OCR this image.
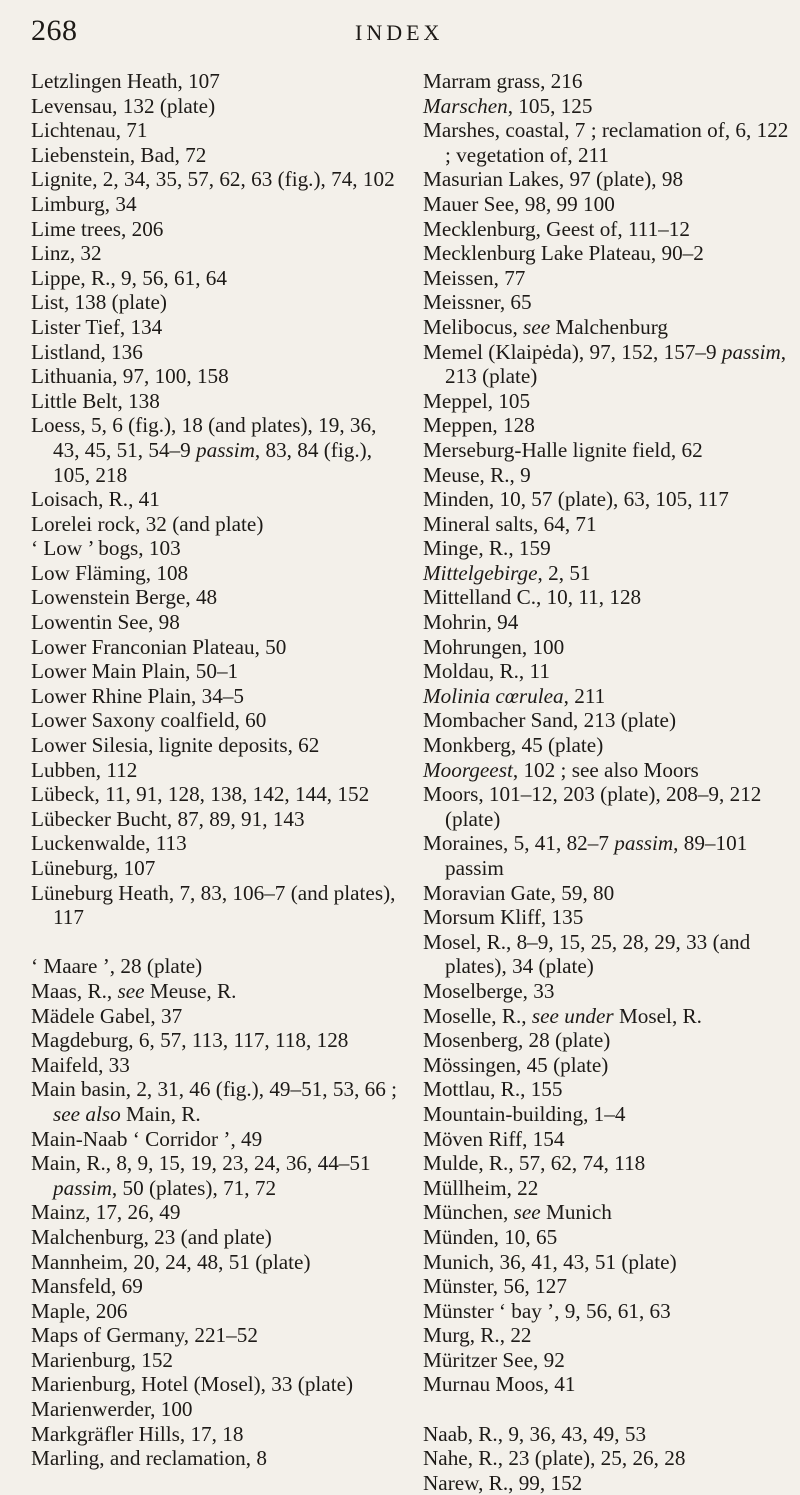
268	INDEX
Letzlingen Heath, 107
Levensau, 132 (plate)
Lichtenau, 71
Liebenstein, Bad, 72
Lignite, 2, 34, 35, 57, 62, 63 (fig.), 74, 102
Limburg, 34
Lime trees, 206
Linz, 32
Lippe, R., 9, 56, 61, 64
List, 138 (plate)
Lister Tief, 134
Listland, 136
Lithuania, 97, 100, 158
Little Belt, 138
Loess, 5, 6 (fig.), 18 (and plates), 19, 36, 43, 45, 51, 54–9 passim, 83, 84 (fig.), 105, 218
Loisach, R., 41
Lorelei rock, 32 (and plate)
‘ Low ’ bogs, 103
Low Fläming, 108
Lowenstein Berge, 48
Lowentin See, 98
Lower Franconian Plateau, 50
Lower Main Plain, 50–1
Lower Rhine Plain, 34–5
Lower Saxony coalfield, 60
Lower Silesia, lignite deposits, 62
Lubben, 112
Lübeck, 11, 91, 128, 138, 142, 144, 152
Lübecker Bucht, 87, 89, 91, 143
Luckenwalde, 113
Lüneburg, 107
Lüneburg Heath, 7, 83, 106–7 (and plates), 117
‘ Maare ’, 28 (plate)
Maas, R., see Meuse, R.
Mädele Gabel, 37
Magdeburg, 6, 57, 113, 117, 118, 128
Maifeld, 33
Main basin, 2, 31, 46 (fig.), 49–51, 53, 66 ; see also Main, R.
Main-Naab ‘ Corridor ’, 49
Main, R., 8, 9, 15, 19, 23, 24, 36, 44–51 passim, 50 (plates), 71, 72
Mainz, 17, 26, 49
Malchenburg, 23 (and plate)
Mannheim, 20, 24, 48, 51 (plate)
Mansfeld, 69
Maple, 206
Maps of Germany, 221–52
Marienburg, 152
Marienburg, Hotel (Mosel), 33 (plate)
Marienwerder, 100
Markgräfler Hills, 17, 18
Marling, and reclamation, 8
Marram grass, 216
Marschen, 105, 125
Marshes, coastal, 7 ; reclamation of, 6, 122 ; vegetation of, 211
Masurian Lakes, 97 (plate), 98
Mauer See, 98, 99 100
Mecklenburg, Geest of, 111–12
Mecklenburg Lake Plateau, 90–2
Meissen, 77
Meissner, 65
Melibocus, see Malchenburg
Memel (Klaipėda), 97, 152, 157–9 passim, 213 (plate)
Meppel, 105
Meppen, 128
Merseburg-Halle lignite field, 62
Meuse, R., 9
Minden, 10, 57 (plate), 63, 105, 117
Mineral salts, 64, 71
Minge, R., 159
Mittelgebirge, 2, 51
Mittelland C., 10, 11, 128
Mohrin, 94
Mohrungen, 100
Moldau, R., 11
Molinia cœrulea, 211
Mombacher Sand, 213 (plate)
Monkberg, 45 (plate)
Moorgeest, 102 ; see also Moors
Moors, 101–12, 203 (plate), 208–9, 212 (plate)
Moraines, 5, 41, 82–7 passim, 89–101 passim
Moravian Gate, 59, 80
Morsum Kliff, 135
Mosel, R., 8–9, 15, 25, 28, 29, 33 (and plates), 34 (plate)
Moselberge, 33
Moselle, R., see under Mosel, R.
Mosenberg, 28 (plate)
Mössingen, 45 (plate)
Mottlau, R., 155
Mountain-building, 1–4
Möven Riff, 154
Mulde, R., 57, 62, 74, 118
Müllheim, 22
München, see Munich
Münden, 10, 65
Munich, 36, 41, 43, 51 (plate)
Münster, 56, 127
Münster ‘ bay ’, 9, 56, 61, 63
Murg, R., 22
Müritzer See, 92
Murnau Moos, 41
Naab, R., 9, 36, 43, 49, 53
Nahe, R., 23 (plate), 25, 26, 28
Narew, R., 99, 152
